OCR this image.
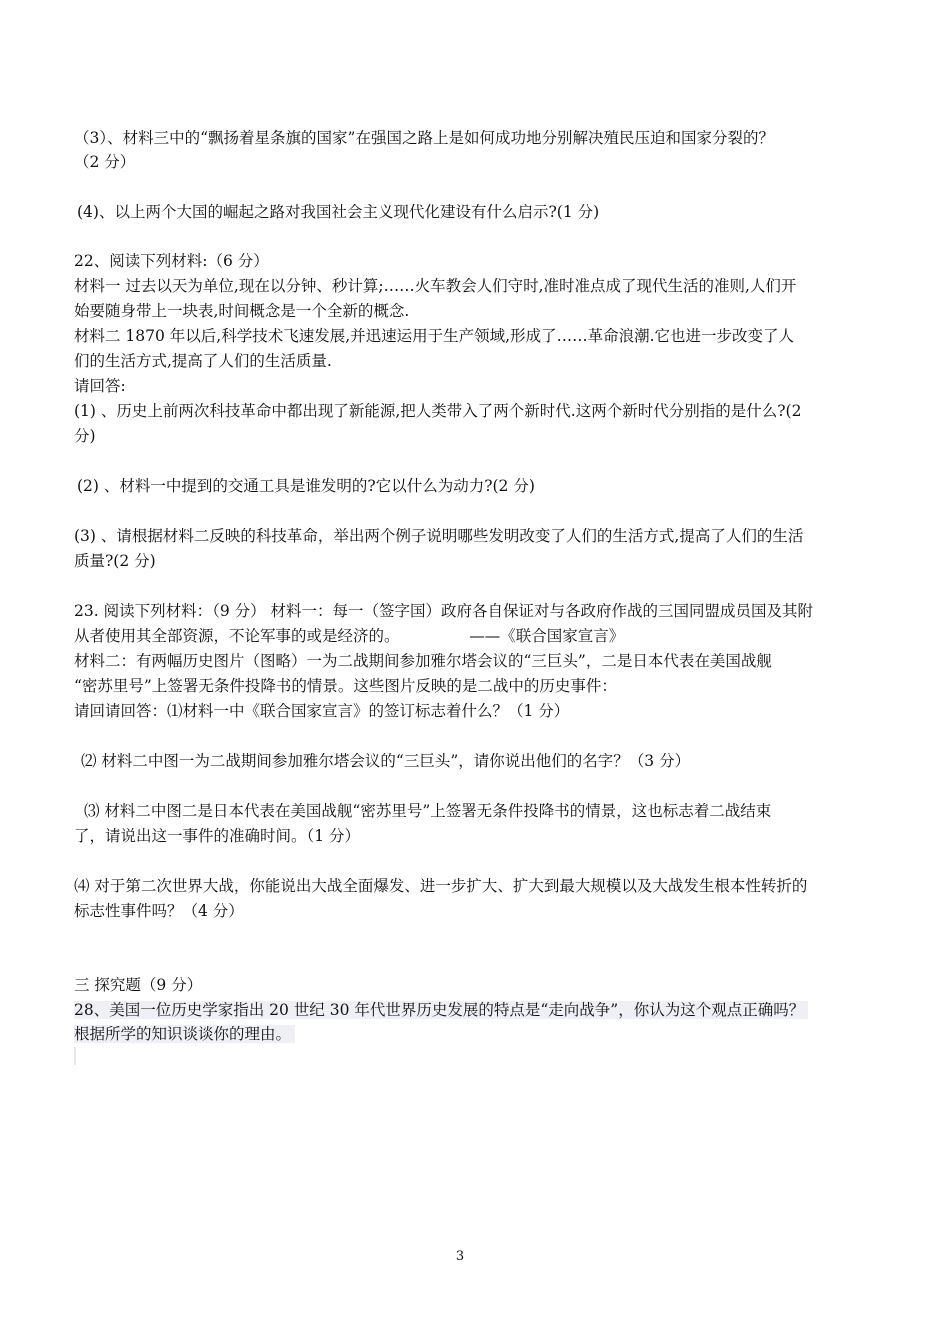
（3）、材料三中的“飘扬着星条旗的国家”在强国之路上是如何成功地分别解决殖民压迫和国家分裂的？
（2 分）
(4)、以上两个大国的崛起之路对我国社会主义现代化建设有什么启示?(1 分)
22、阅读下列材料:（6 分）
材料一 过去以天为单位,现在以分钟、秒计算;……火车教会人们守时,准时准点成了现代生活的准则,人们开
始要随身带上一块表,时间概念是一个全新的概念.
材料二 1870 年以后,科学技术飞速发展,并迅速运用于生产领域,形成了……革命浪潮.它也进一步改变了人
们的生活方式,提高了人们的生活质量.
请回答:
(1) 、历史上前两次科技革命中都出现了新能源,把人类带入了两个新时代.这两个新时代分别指的是什么?(2
分)
(2) 、材料一中提到的交通工具是谁发明的?它以什么为动力?(2 分)
(3) 、请根据材料二反映的科技革命，举出两个例子说明哪些发明改变了人们的生活方式,提高了人们的生活
质量?(2 分)
23. 阅读下列材料：（9 分） 材料一：每一（签字国）政府各自保证对与各政府作战的三国同盟成员国及其附
从者使用其全部资源，不论军事的或是经济的。　　　　　——《联合国家宣言》
材料二：有两幅历史图片（图略）一为二战期间参加雅尔塔会议的“三巨头”，二是日本代表在美国战舰
“密苏里号”上签署无条件投降书的情景。这些图片反映的是二战中的历史事件：
请回请回答：⑴材料一中《联合国家宣言》的签订标志着什么？（1 分）
⑵ 材料二中图一为二战期间参加雅尔塔会议的“三巨头”，请你说出他们的名字？（3 分）
⑶ 材料二中图二是日本代表在美国战舰“密苏里号”上签署无条件投降书的情景，这也标志着二战结束
了，请说出这一事件的准确时间。（1 分）
⑷ 对于第二次世界大战，你能说出大战全面爆发、进一步扩大、扩大到最大规模以及大战发生根本性转折的
标志性事件吗？（4 分）
三 探究题（9 分）
28、美国一位历史学家指出 20 世纪 30 年代世界历史发展的特点是“走向战争”，你认为这个观点正确吗？
根据所学的知识谈谈你的理由。
3
